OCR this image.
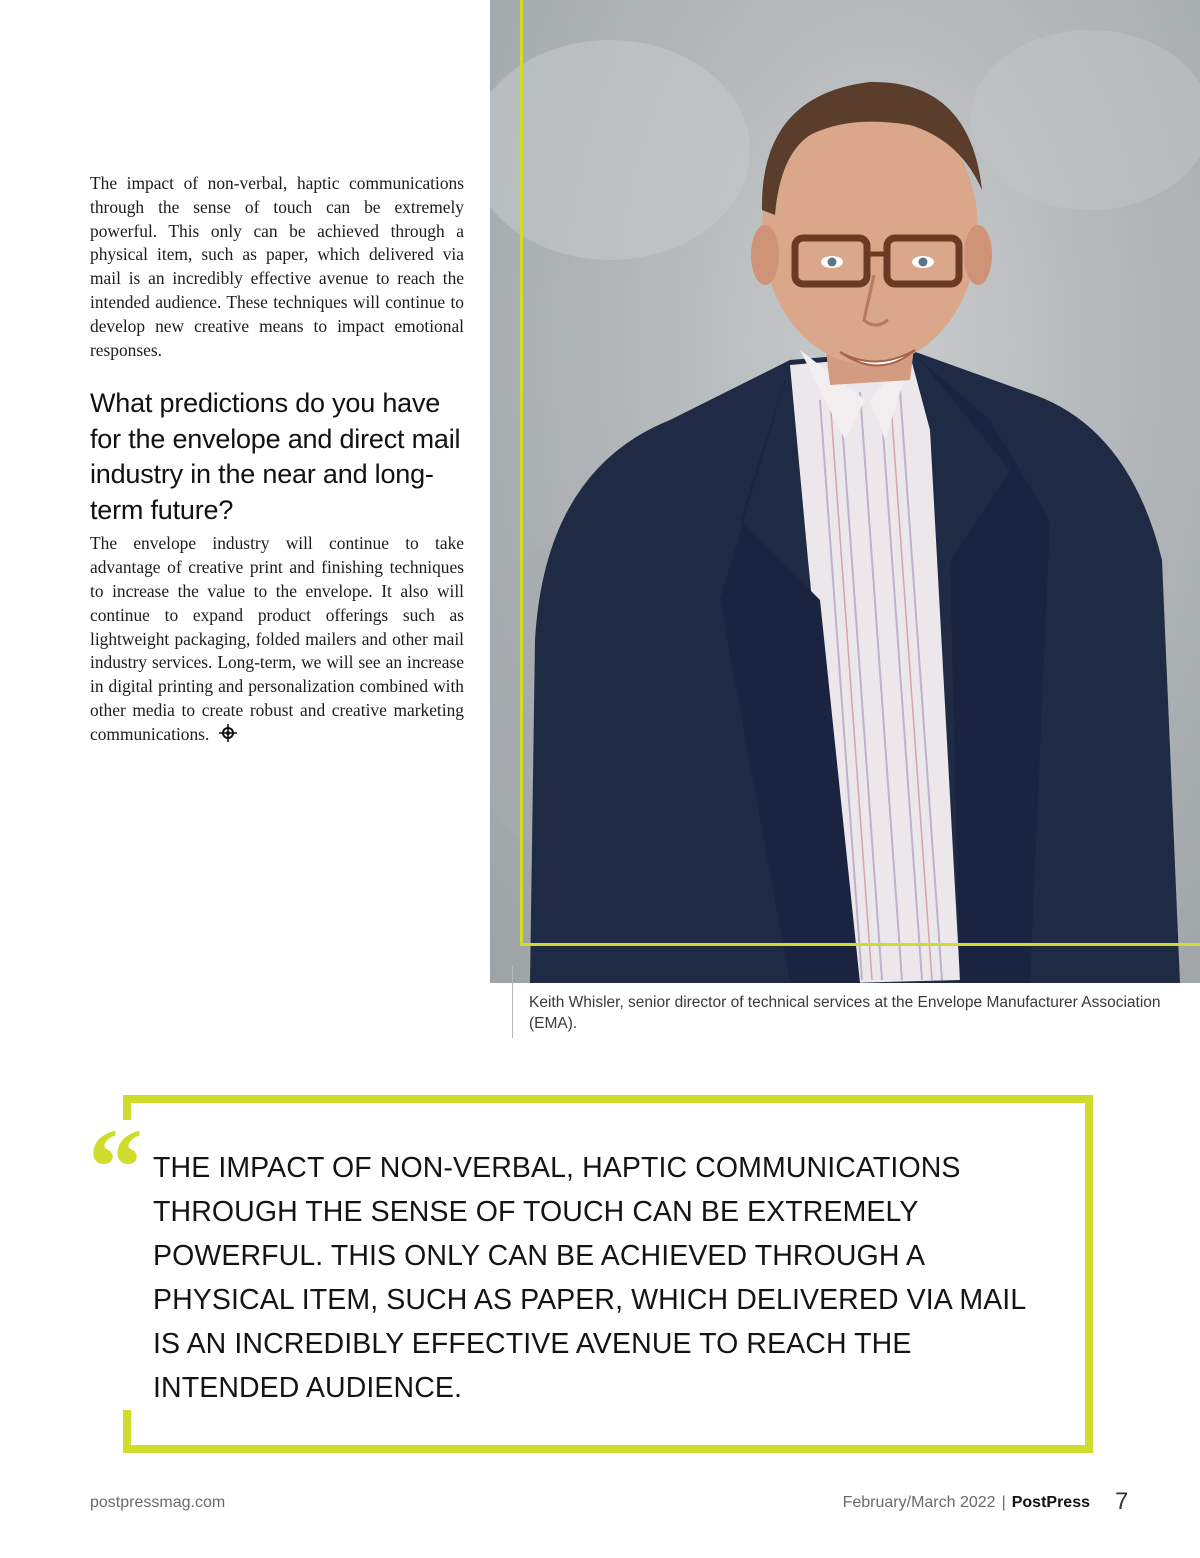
The impact of non-verbal, haptic communications through the sense of touch can be extremely powerful. This only can be achieved through a physical item, such as paper, which delivered via mail is an incredibly effective avenue to reach the intended audience. These techniques will continue to develop new creative means to impact emotional responses.

What predictions do you have for the envelope and direct mail industry in the near and long-term future?

The envelope industry will continue to take advantage of creative print and finishing techniques to increase the value to the envelope. It also will continue to expand product offerings such as lightweight packaging, folded mailers and other mail industry services. Long-term, we will see an increase in digital printing and personalization combined with other media to create robust and creative marketing communications.

Keith Whisler, senior director of technical services at the Envelope Manufacturer Association (EMA).

“ THE IMPACT OF NON-VERBAL, HAPTIC COMMUNICATIONS THROUGH THE SENSE OF TOUCH CAN BE EXTREMELY POWERFUL. THIS ONLY CAN BE ACHIEVED THROUGH A PHYSICAL ITEM, SUCH AS PAPER, WHICH DELIVERED VIA MAIL IS AN INCREDIBLY EFFECTIVE AVENUE TO REACH THE INTENDED AUDIENCE.

postpressmag.com	February/March 2022 | PostPress 7
